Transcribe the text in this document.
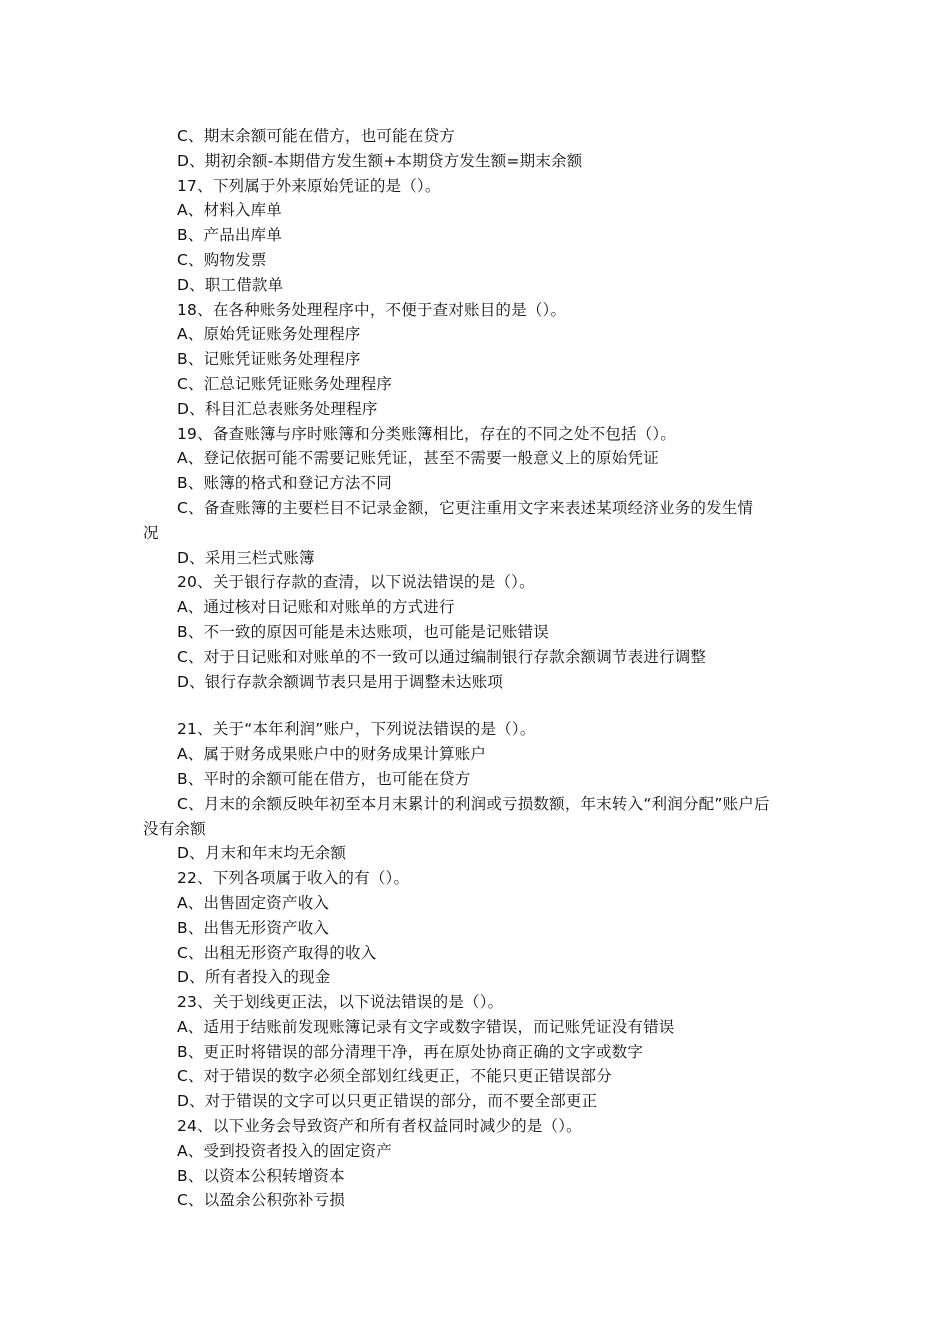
C、期末余额可能在借方，也可能在贷方
D、期初余额-本期借方发生额+本期贷方发生额=期末余额
17、下列属于外来原始凭证的是（）。
A、材料入库单
B、产品出库单
C、购物发票
D、职工借款单
18、在各种账务处理程序中，不便于查对账目的是（）。
A、原始凭证账务处理程序
B、记账凭证账务处理程序
C、汇总记账凭证账务处理程序
D、科目汇总表账务处理程序
19、备查账簿与序时账簿和分类账簿相比，存在的不同之处不包括（）。
A、登记依据可能不需要记账凭证，甚至不需要一般意义上的原始凭证
B、账簿的格式和登记方法不同
C、备查账簿的主要栏目不记录金额，它更注重用文字来表述某项经济业务的发生情
况
D、采用三栏式账簿
20、关于银行存款的查清，以下说法错误的是（）。
A、通过核对日记账和对账单的方式进行
B、不一致的原因可能是未达账项，也可能是记账错误
C、对于日记账和对账单的不一致可以通过编制银行存款余额调节表进行调整
D、银行存款余额调节表只是用于调整未达账项
21、关于“本年利润”账户，下列说法错误的是（）。
A、属于财务成果账户中的财务成果计算账户
B、平时的余额可能在借方，也可能在贷方
C、月末的余额反映年初至本月末累计的利润或亏损数额，年末转入“利润分配”账户后
没有余额
D、月末和年末均无余额
22、下列各项属于收入的有（）。
A、出售固定资产收入
B、出售无形资产收入
C、出租无形资产取得的收入
D、所有者投入的现金
23、关于划线更正法，以下说法错误的是（）。
A、适用于结账前发现账簿记录有文字或数字错误，而记账凭证没有错误
B、更正时将错误的部分清理干净，再在原处协商正确的文字或数字
C、对于错误的数字必须全部划红线更正，不能只更正错误部分
D、对于错误的文字可以只更正错误的部分，而不要全部更正
24、以下业务会导致资产和所有者权益同时减少的是（）。
A、受到投资者投入的固定资产
B、以资本公积转增资本
C、以盈余公积弥补亏损
